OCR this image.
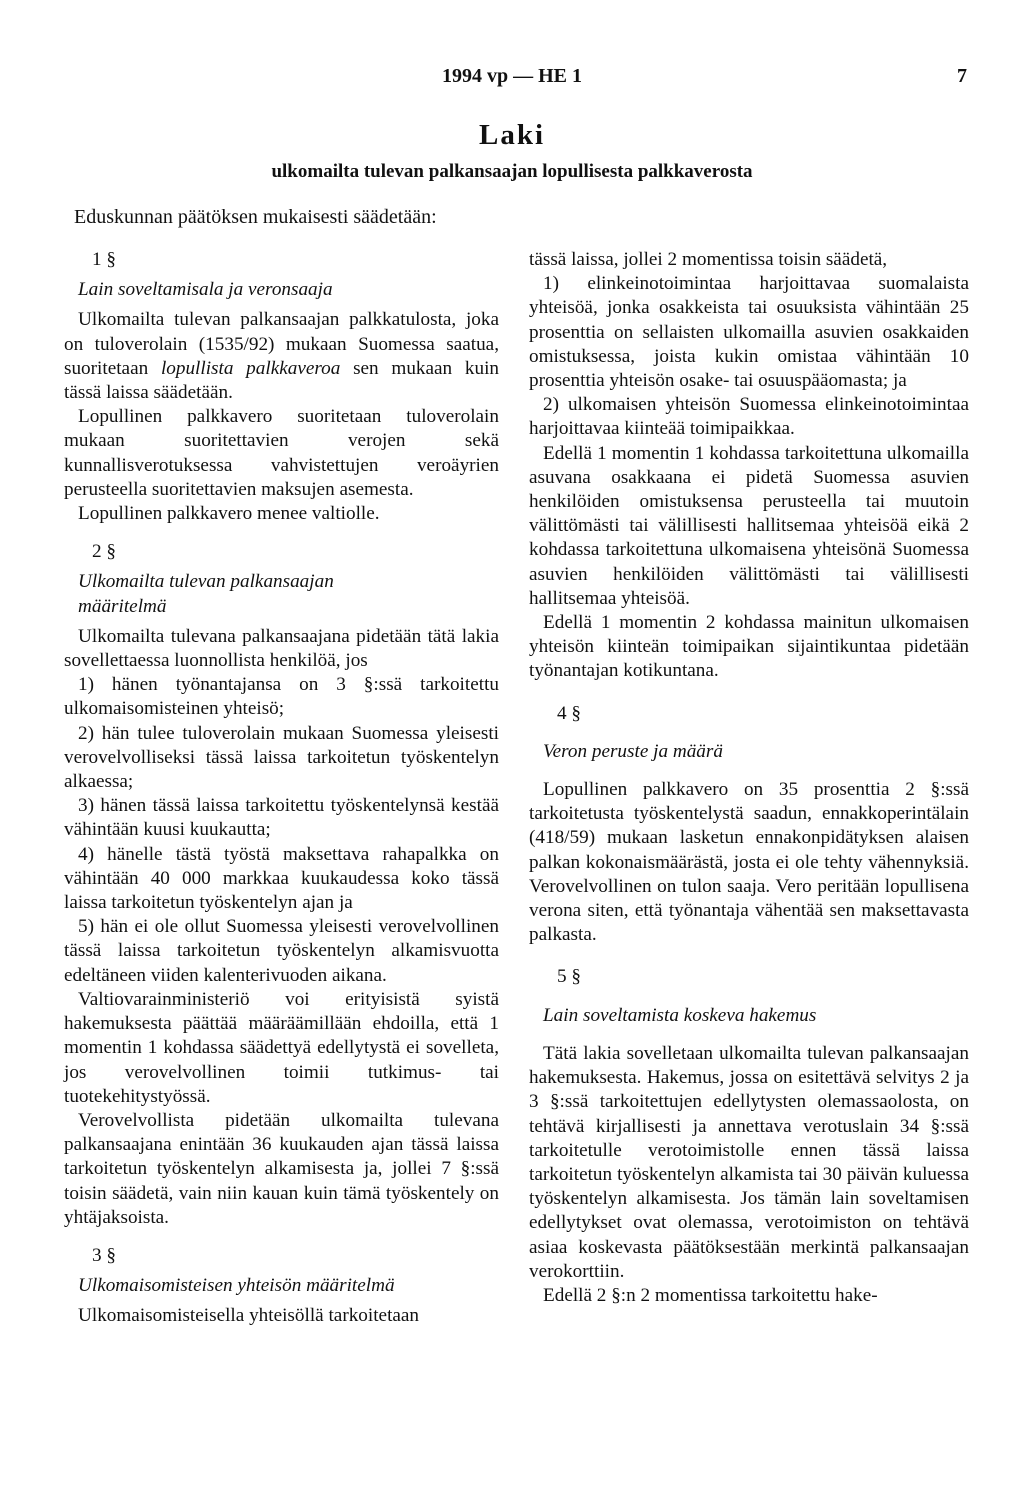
1994 vp — HE 1	7
Laki
ulkomailta tulevan palkansaajan lopullisesta palkkaverosta

Eduskunnan päätöksen mukaisesti säädetään:

1 §

Lain soveltamisala ja veronsaaja

Ulkomailta tulevan palkansaajan palkkatulosta, joka on tuloverolain (1535/92) mukaan Suomessa saatua, suoritetaan lopullista palkkaveroa sen mukaan kuin tässä laissa säädetään.

Lopullinen palkkavero suoritetaan tuloverolain mukaan suoritettavien verojen sekä kunnallisverotuksessa vahvistettujen veroäyrien perusteella suoritettavien maksujen asemesta.

Lopullinen palkkavero menee valtiolle.

2 §

Ulkomailta tulevan palkansaajan

määritelmä

Ulkomailta tulevana palkansaajana pidetään tätä lakia sovellettaessa luonnollista henkilöä, jos

1) hänen työnantajansa on 3 §:ssä tarkoitettu ulkomaisomisteinen yhteisö;

2) hän tulee tuloverolain mukaan Suomessa yleisesti verovelvolliseksi tässä laissa tarkoitetun työskentelyn alkaessa;

3) hänen tässä laissa tarkoitettu työskentelynsä kestää vähintään kuusi kuukautta;

4) hänelle tästä työstä maksettava rahapalkka on vähintään 40 000 markkaa kuukaudessa koko tässä laissa tarkoitetun työskentelyn ajan ja

5) hän ei ole ollut Suomessa yleisesti verovelvollinen tässä laissa tarkoitetun työskentelyn alkamisvuotta edeltäneen viiden kalenterivuoden aikana.

Valtiovarainministeriö voi erityisistä syistä hakemuksesta päättää määräämillään ehdoilla, että 1 momentin 1 kohdassa säädettyä edellytystä ei sovelleta, jos verovelvollinen toimii tutkimus- tai tuotekehitystyössä.

Verovelvollista pidetään ulkomailta tulevana palkansaajana enintään 36 kuukauden ajan tässä laissa tarkoitetun työskentelyn alkamisesta ja, jollei 7 §:ssä toisin säädetä, vain niin kauan kuin tämä työskentely on yhtäjaksoista.

3 §

Ulkomaisomisteisen yhteisön määritelmä

Ulkomaisomisteisella yhteisöllä tarkoitetaan

tässä laissa, jollei 2 momentissa toisin säädetä,

1) elinkeinotoimintaa harjoittavaa suomalaista yhteisöä, jonka osakkeista tai osuuksista vähintään 25 prosenttia on sellaisten ulkomailla asuvien osakkaiden omistuksessa, joista kukin omistaa vähintään 10 prosenttia yhteisön osake- tai osuuspääomasta; ja

2) ulkomaisen yhteisön Suomessa elinkeinotoimintaa harjoittavaa kiinteää toimipaikkaa.

Edellä 1 momentin 1 kohdassa tarkoitettuna ulkomailla asuvana osakkaana ei pidetä Suomessa asuvien henkilöiden omistuksensa perusteella tai muutoin välittömästi tai välillisesti hallitsemaa yhteisöä eikä 2 kohdassa tarkoitettuna ulkomaisena yhteisönä Suomessa asuvien henkilöiden välittömästi tai välillisesti hallitsemaa yhteisöä.

Edellä 1 momentin 2 kohdassa mainitun ulkomaisen yhteisön kiinteän toimipaikan sijaintikuntaa pidetään työnantajan kotikuntana.

4 §

Veron peruste ja määrä

Lopullinen palkkavero on 35 prosenttia 2 §:ssä tarkoitetusta työskentelystä saadun, ennakkoperintälain (418/59) mukaan lasketun ennakonpidätyksen alaisen palkan kokonaismäärästä, josta ei ole tehty vähennyksiä. Verovelvollinen on tulon saaja. Vero peritään lopullisena verona siten, että työnantaja vähentää sen maksettavasta palkasta.

5 §

Lain soveltamista koskeva hakemus

Tätä lakia sovelletaan ulkomailta tulevan palkansaajan hakemuksesta. Hakemus, jossa on esitettävä selvitys 2 ja 3 §:ssä tarkoitettujen edellytysten olemassaolosta, on tehtävä kirjallisesti ja annettava verotuslain 34 §:ssä tarkoitetulle verotoimistolle ennen tässä laissa tarkoitetun työskentelyn alkamista tai 30 päivän kuluessa työskentelyn alkamisesta. Jos tämän lain soveltamisen edellytykset ovat olemassa, verotoimiston on tehtävä asiaa koskevasta päätöksestään merkintä palkansaajan verokorttiin.

Edellä 2 §:n 2 momentissa tarkoitettu hake-
